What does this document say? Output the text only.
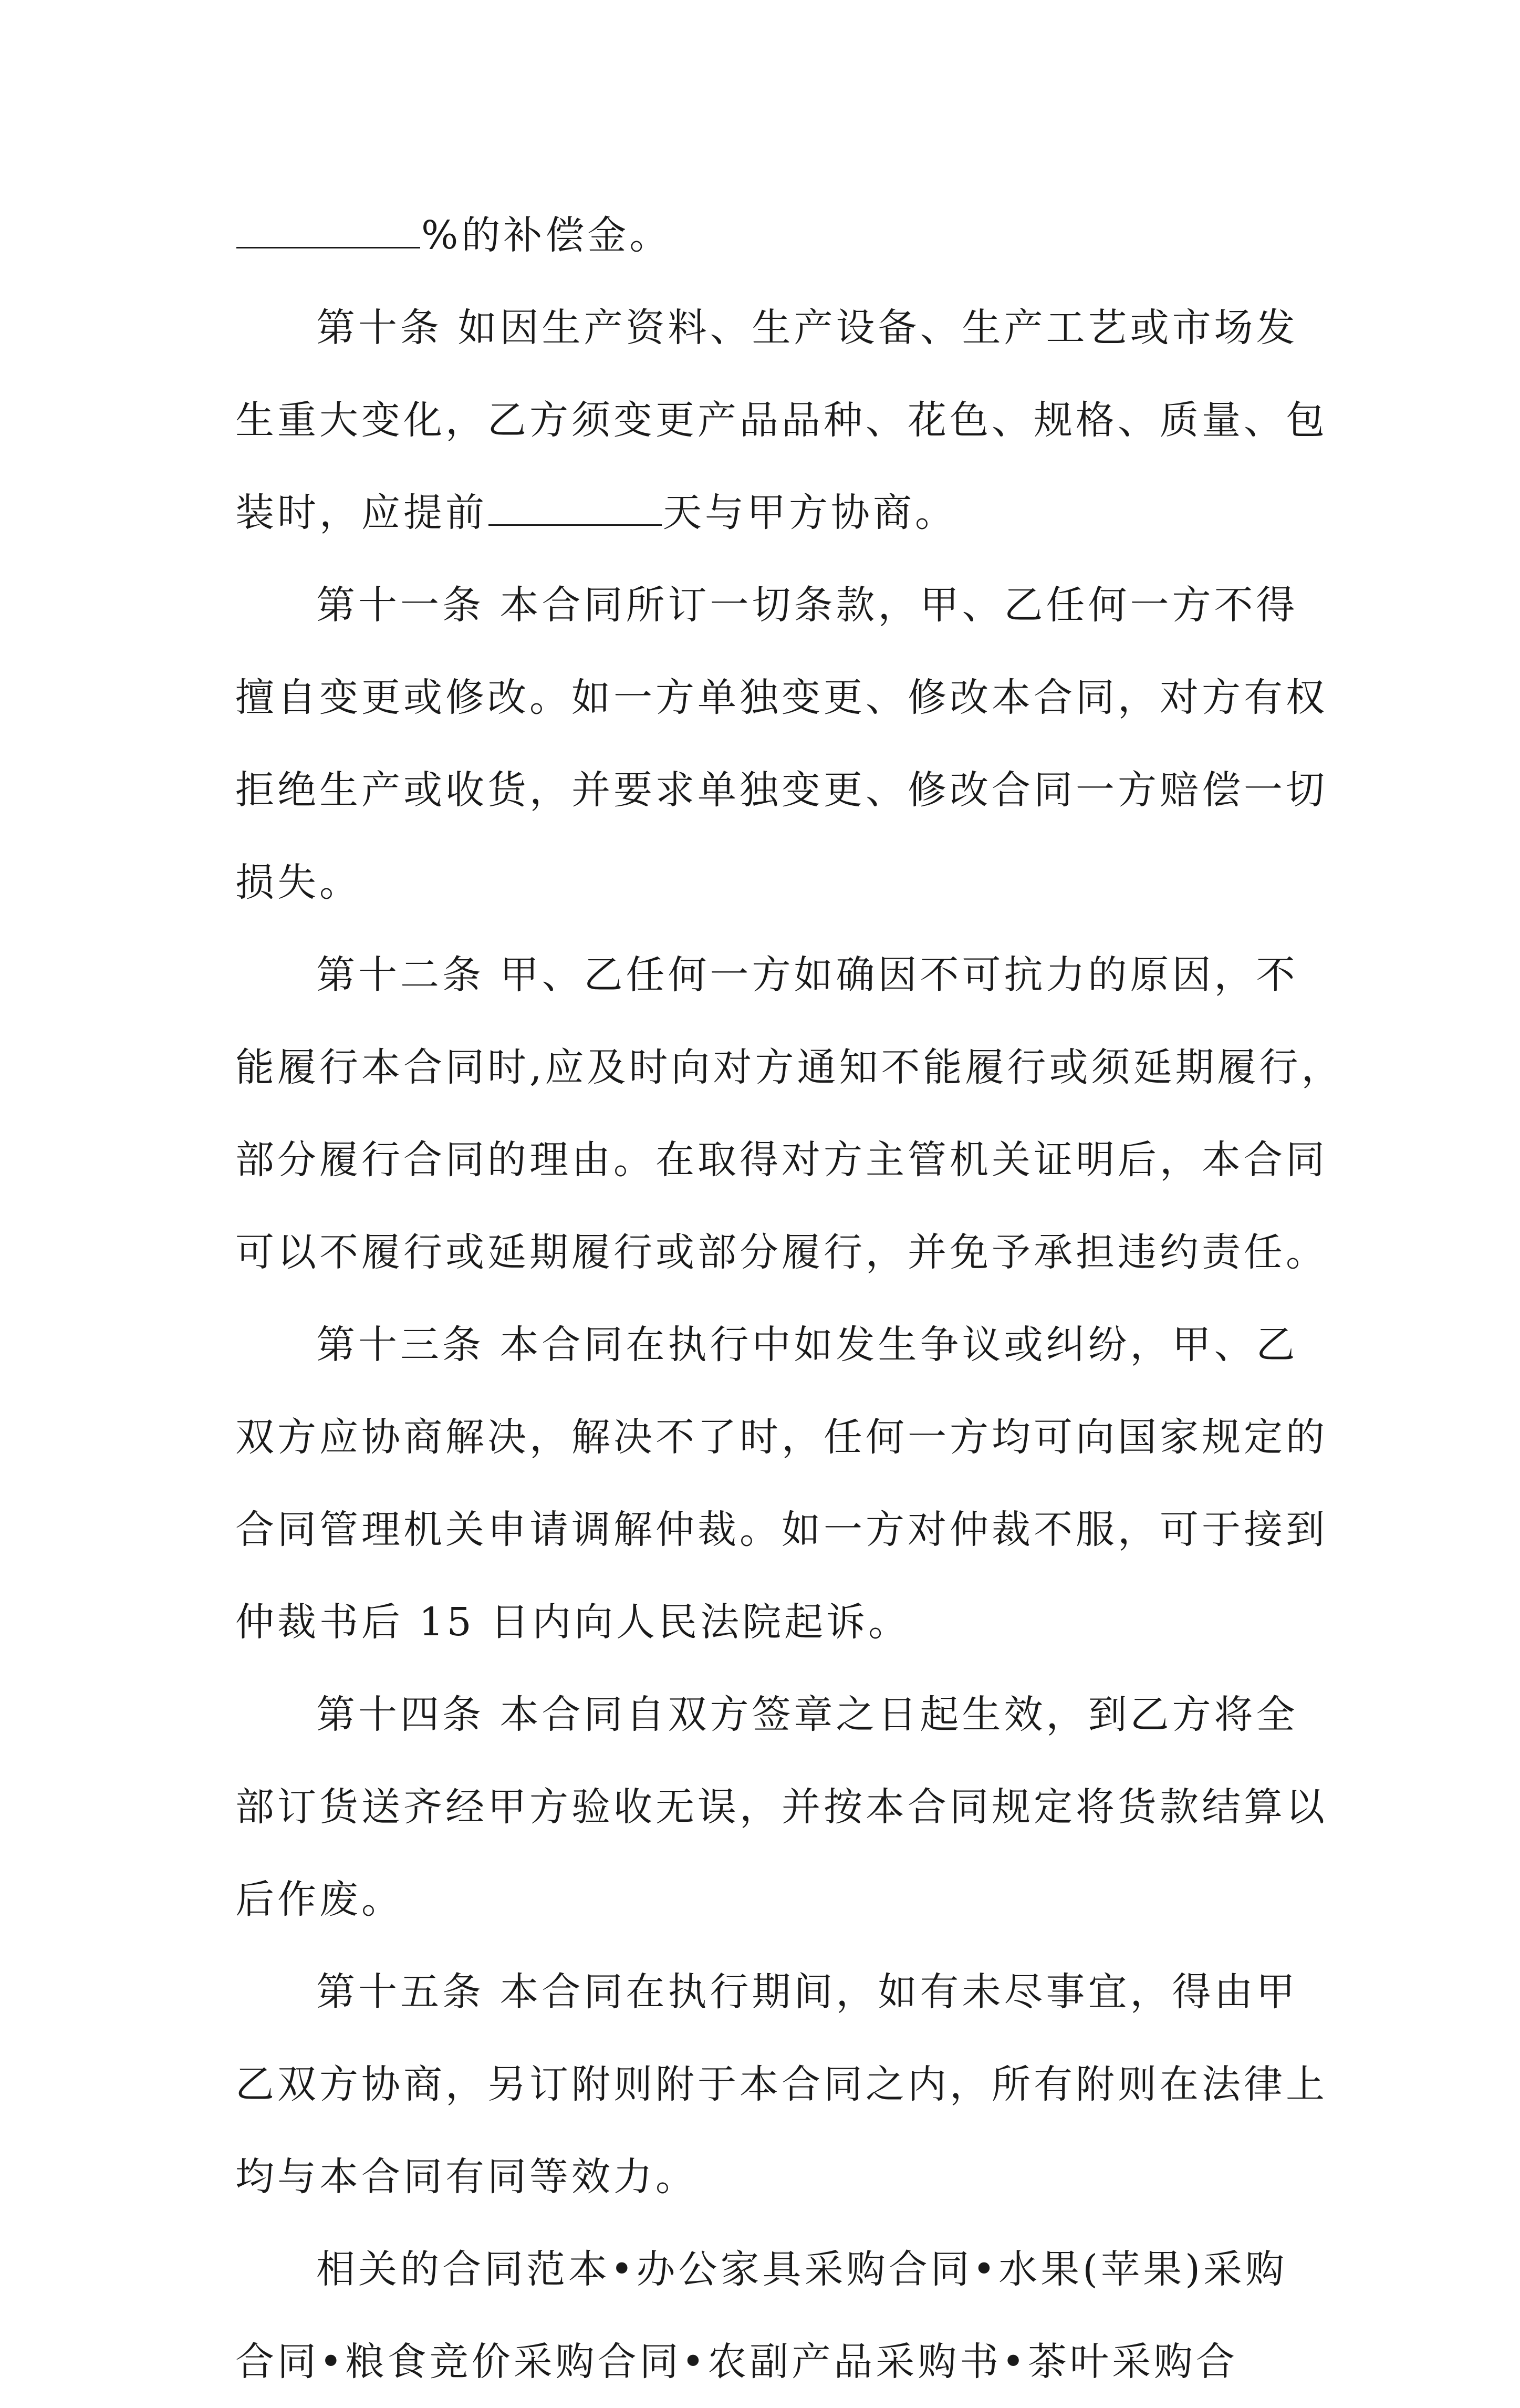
%的补偿金。
第十条 如因生产资料、生产设备、生产工艺或市场发
生重大变化，乙方须变更产品品种、花色、规格、质量、包
装时，应提前	天与甲方协商。
第十一条 本合同所订一切条款，甲、乙任何一方不得
擅自变更或修改。如一方单独变更、修改本合同，对方有权
拒绝生产或收货，并要求单独变更、修改合同一方赔偿一切
损失。
第十二条 甲、乙任何一方如确因不可抗力的原因，不
能履行本合同时,应及时向对方通知不能履行或须延期履行，
部分履行合同的理由。在取得对方主管机关证明后，本合同
可以不履行或延期履行或部分履行，并免予承担违约责任。
第十三条 本合同在执行中如发生争议或纠纷，甲、乙
双方应协商解决，解决不了时，任何一方均可向国家规定的
合同管理机关申请调解仲裁。如一方对仲裁不服，可于接到
仲裁书后 15 日内向人民法院起诉。
第十四条 本合同自双方签章之日起生效，到乙方将全
部订货送齐经甲方验收无误，并按本合同规定将货款结算以
后作废。
第十五条 本合同在执行期间，如有未尽事宜，得由甲
乙双方协商，另订附则附于本合同之内，所有附则在法律上
均与本合同有同等效力。
相关的合同范本•办公家具采购合同•水果(苹果)采购
合同•粮食竞价采购合同•农副产品采购书•茶叶采购合
